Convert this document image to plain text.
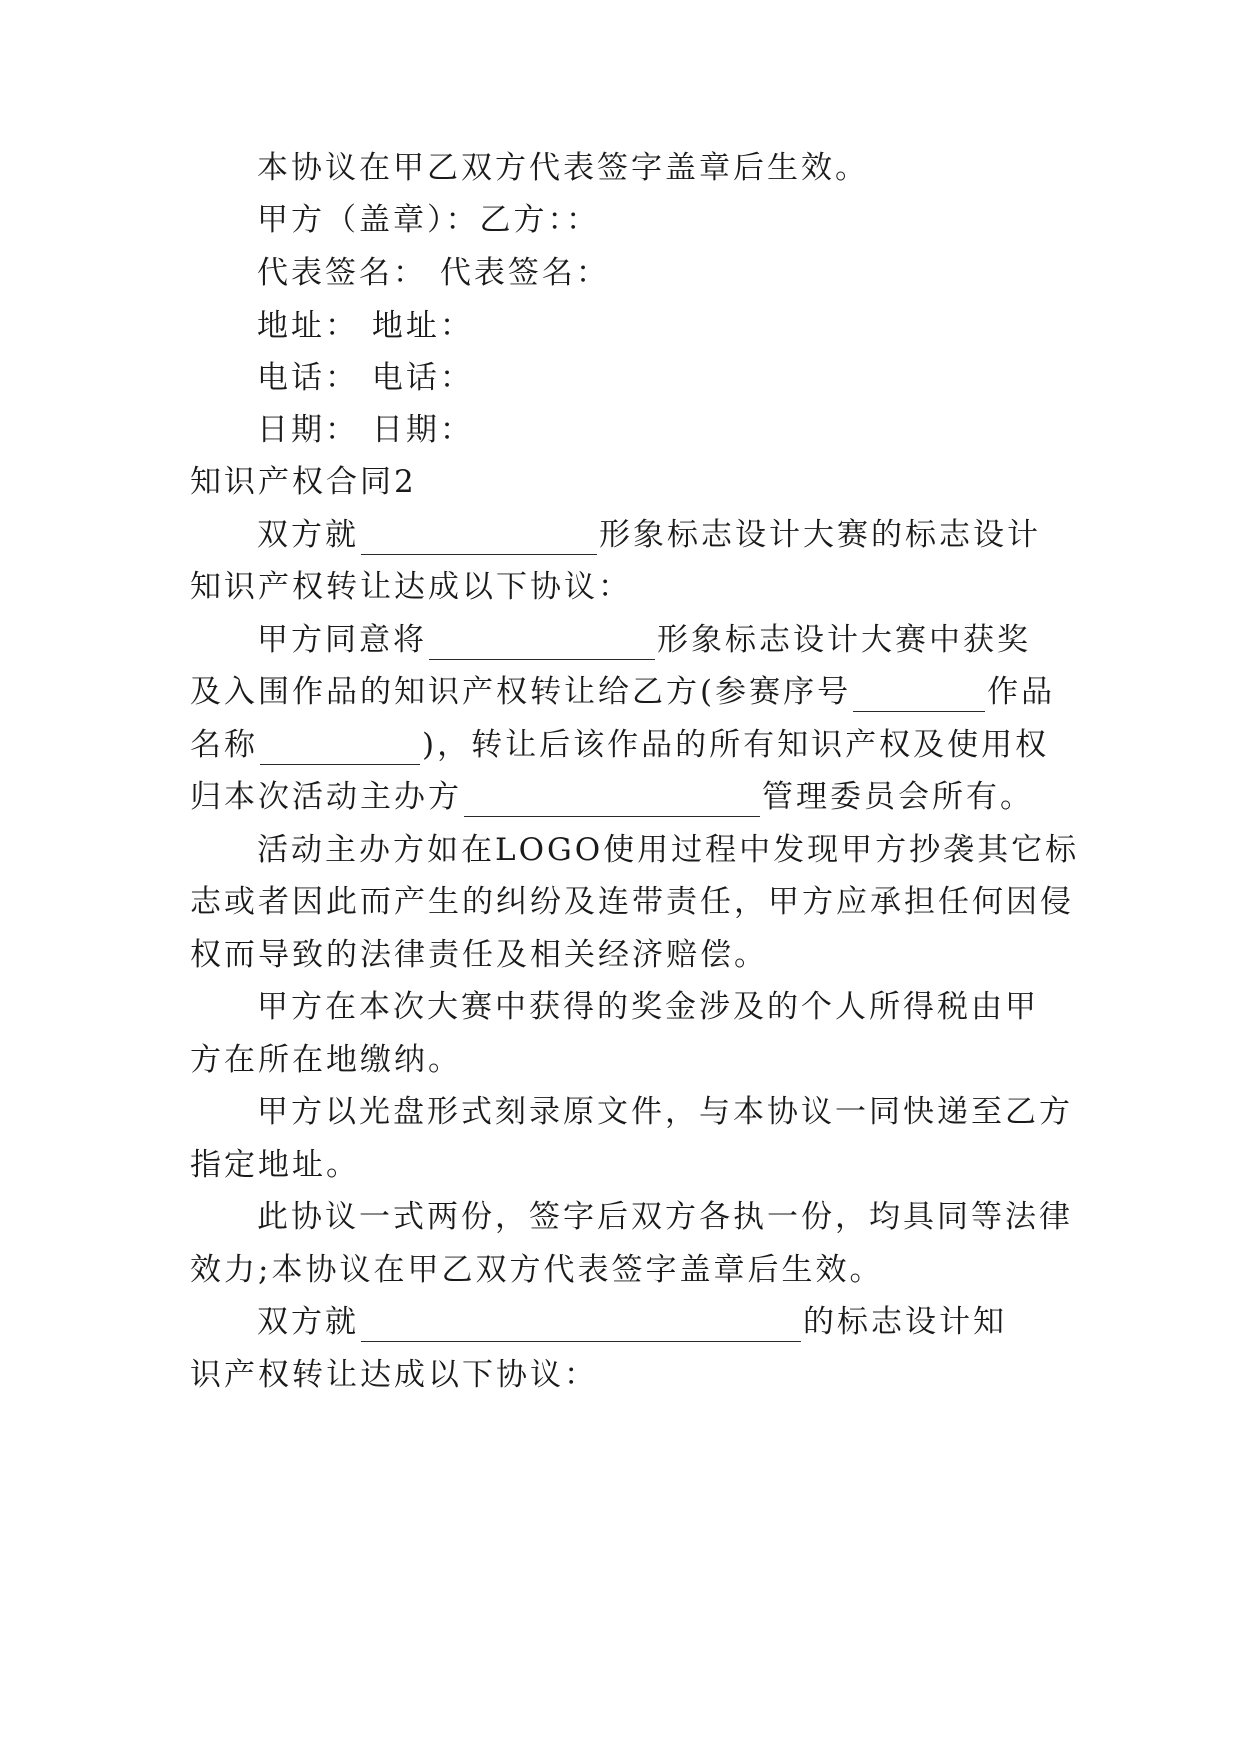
本协议在甲乙双方代表签字盖章后生效。
甲方（盖章）：乙方：：
代表签名： 代表签名：
地址： 地址：
电话： 电话：
日期： 日期：
知识产权合同2
双方就	形象标志设计大赛的标志设计
知识产权转让达成以下协议：
甲方同意将	形象标志设计大赛中获奖
及入围作品的知识产权转让给乙方(参赛序号	作品
名称	)，转让后该作品的所有知识产权及使用权
归本次活动主办方	管理委员会所有。
活动主办方如在LOGO使用过程中发现甲方抄袭其它标
志或者因此而产生的纠纷及连带责任，甲方应承担任何因侵
权而导致的法律责任及相关经济赔偿。
甲方在本次大赛中获得的奖金涉及的个人所得税由甲
方在所在地缴纳。
甲方以光盘形式刻录原文件，与本协议一同快递至乙方
指定地址。
此协议一式两份，签字后双方各执一份，均具同等法律
效力;本协议在甲乙双方代表签字盖章后生效。
双方就	的标志设计知
识产权转让达成以下协议：
